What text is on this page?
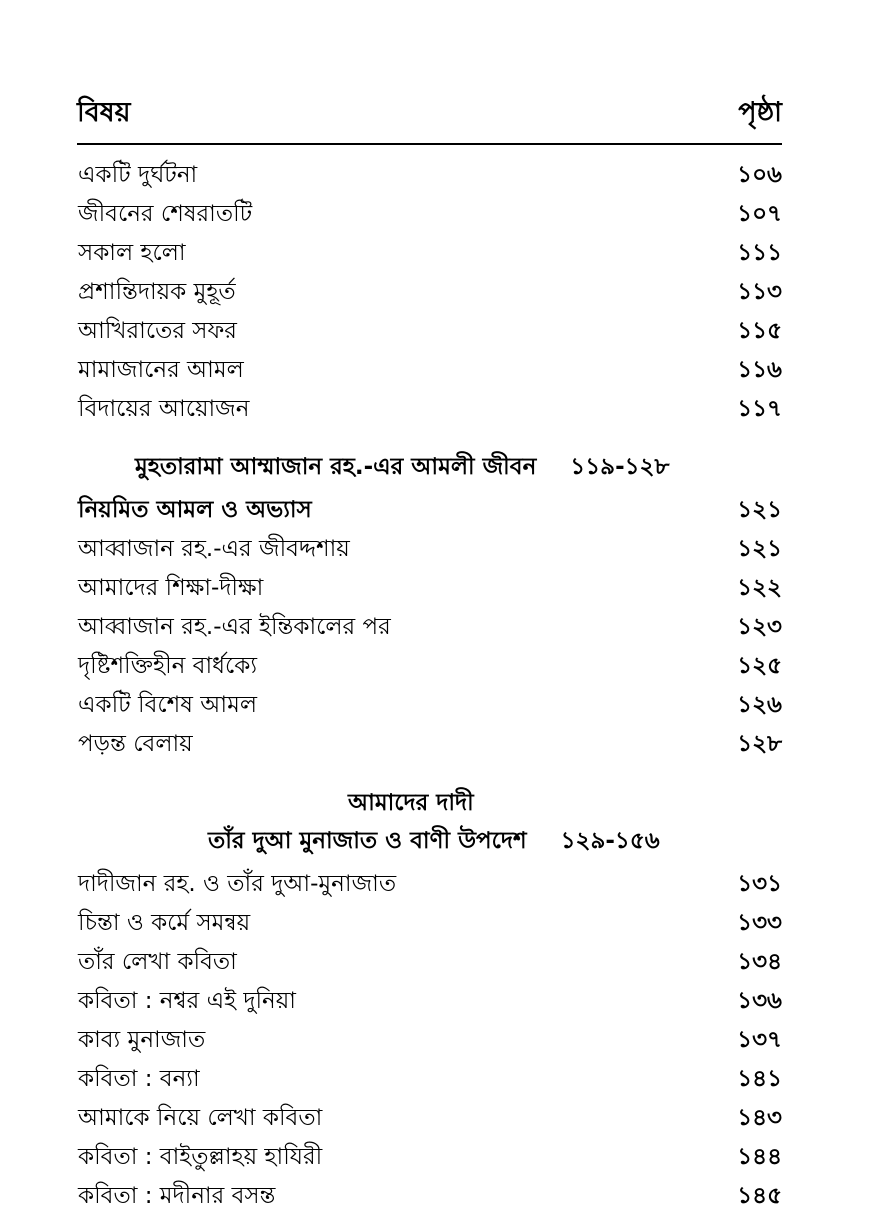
বিষয়	পৃষ্ঠা
একটি দুর্ঘটনা	১০৬
জীবনের শেষরাতটি	১০৭
সকাল হলো	১১১
প্রশান্তিদায়ক মুহূর্ত	১১৩
আখিরাতের সফর	১১৫
মামাজানের আমল	১১৬
বিদায়ের আয়োজন	১১৭
মুহতারামা আম্মাজান রহ.-এর আমলী জীবন ১১৯-১২৮
নিয়মিত আমল ও অভ্যাস	১২১
আব্বাজান রহ.-এর জীবদ্দশায়	১২১
আমাদের শিক্ষা-দীক্ষা	১২২
আব্বাজান রহ.-এর ইন্তিকালের পর	১২৩
দৃষ্টিশক্তিহীন বার্ধক্যে	১২৫
একটি বিশেষ আমল	১২৬
পড়ন্ত বেলায়	১২৮
আমাদের দাদী
তাঁর দুআ মুনাজাত ও বাণী উপদেশ ১২৯-১৫৬
দাদীজান রহ. ও তাঁর দুআ-মুনাজাত	১৩১
চিন্তা ও কর্মে সমন্বয়	১৩৩
তাঁর লেখা কবিতা	১৩৪
কবিতা : নশ্বর এই দুনিয়া	১৩৬
কাব্য মুনাজাত	১৩৭
কবিতা : বন্যা	১৪১
আমাকে নিয়ে লেখা কবিতা	১৪৩
কবিতা : বাইতুল্লাহয় হাযিরী	১৪৪
কবিতা : মদীনার বসন্ত	১৪৫
